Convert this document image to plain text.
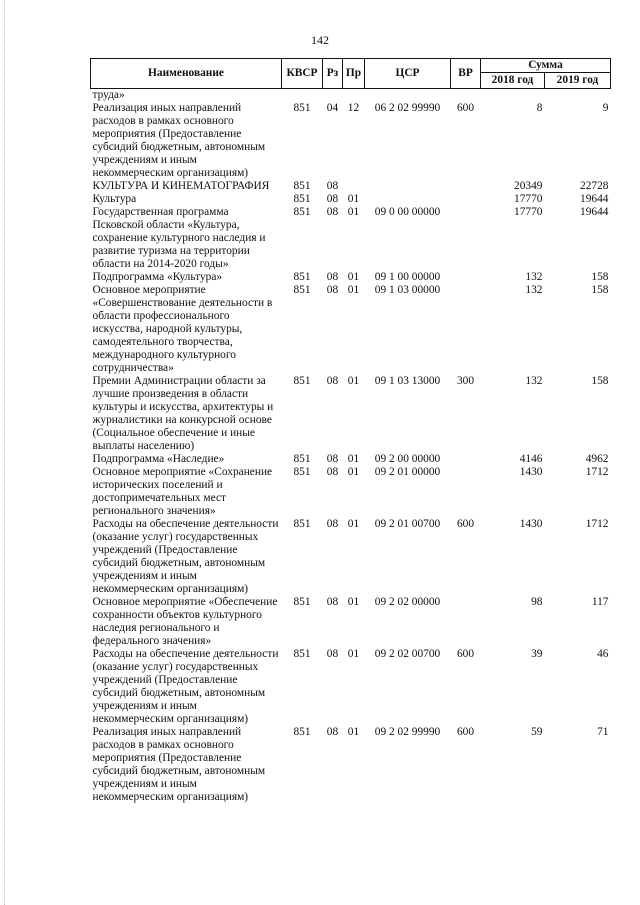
142
Наименование	КВСР	Рз	Пр	ЦСР	ВР	Сумма	
						2018 год	2019 год
труда»							
Реализация иных направлений расходов в рамках основного мероприятия (Предоставление субсидий бюджетным, автономным учреждениям и иным некоммерческим организациям)	851	04	12	06 2 02 99990	600	8	9
КУЛЬТУРА И КИНЕМАТОГРАФИЯ	851	08				20349	22728
Культура	851	08	01			17770	19644
Государственная программа Псковской области «Культура, сохранение культурного наследия и развитие туризма на территории области на 2014-2020 годы»	851	08	01	09 0 00 00000		17770	19644
Подпрограмма «Культура»	851	08	01	09 1 00 00000		132	158
Основное мероприятие «Совершенствование деятельности в области профессионального искусства, народной культуры, самодеятельного творчества, международного культурного сотрудничества»	851	08	01	09 1 03 00000		132	158
Премии Администрации области за лучшие произведения в области культуры и искусства, архитектуры и журналистики на конкурсной основе (Социальное обеспечение и иные выплаты населению)	851	08	01	09 1 03 13000	300	132	158
Подпрограмма «Наследие»	851	08	01	09 2 00 00000		4146	4962
Основное мероприятие «Сохранение исторических поселений и достопримечательных мест регионального значения»	851	08	01	09 2 01 00000		1430	1712
Расходы на обеспечение деятельности (оказание услуг) государственных учреждений (Предоставление субсидий бюджетным, автономным учреждениям и иным некоммерческим организациям)	851	08	01	09 2 01 00700	600	1430	1712
Основное мероприятие «Обеспечение сохранности объектов культурного наследия регионального и федерального значения»	851	08	01	09 2 02 00000		98	117
Расходы на обеспечение деятельности (оказание услуг) государственных учреждений (Предоставление субсидий бюджетным, автономным учреждениям и иным некоммерческим организациям)	851	08	01	09 2 02 00700	600	39	46
Реализация иных направлений расходов в рамках основного мероприятия (Предоставление субсидий бюджетным, автономным учреждениям и иным некоммерческим организациям)	851	08	01	09 2 02 99990	600	59	71
